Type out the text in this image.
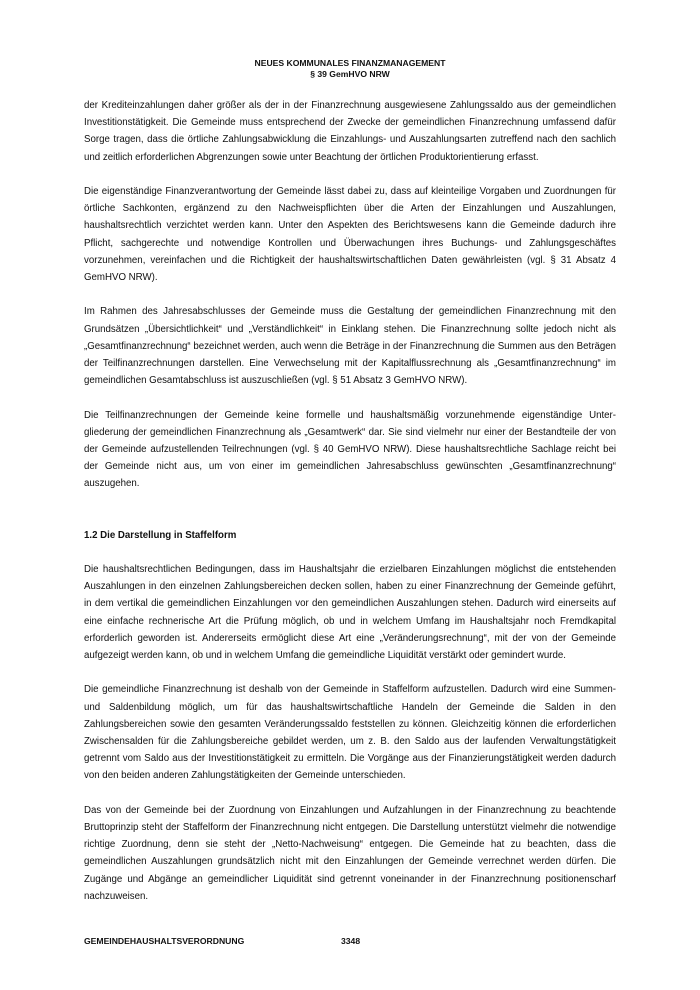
NEUES KOMMUNALES FINANZMANAGEMENT
§ 39 GemHVO NRW

der Krediteinzahlungen daher größer als der in der Finanzrechnung ausgewiesene Zahlungssaldo aus der gemeindlichen Investitionstätigkeit. Die Gemeinde muss entsprechend der Zwecke der gemeindlichen Finanzrechnung umfassend dafür Sorge tragen, dass die örtliche Zahlungsabwicklung die Einzahlungs- und Auszahlungsarten zutreffend nach den sachlich und zeitlich erforderlichen Abgrenzungen sowie unter Beachtung der örtlichen Produktorientierung erfasst.

Die eigenständige Finanzverantwortung der Gemeinde lässt dabei zu, dass auf kleinteilige Vorgaben und Zuordnungen für örtliche Sachkonten, ergänzend zu den Nachweispflichten über die Arten der Einzahlungen und Auszahlungen, haushaltsrechtlich verzichtet werden kann. Unter den Aspekten des Berichtswesens kann die Gemeinde dadurch ihre Pflicht, sachgerechte und notwendige Kontrollen und Überwachungen ihres Buchungs- und Zahlungsgeschäftes vorzunehmen, vereinfachen und die Richtigkeit der haushaltswirtschaftlichen Daten gewährleisten (vgl. § 31 Absatz 4 GemHVO NRW).

Im Rahmen des Jahresabschlusses der Gemeinde muss die Gestaltung der gemeindlichen Finanzrechnung mit den Grundsätzen „Übersichtlichkeit“ und „Verständlichkeit“ in Einklang stehen. Die Finanzrechnung sollte jedoch nicht als „Gesamtfinanzrechnung“ bezeichnet werden, auch wenn die Beträge in der Finanzrechnung die Summen aus den Beträgen der Teilfinanzrechnungen darstellen. Eine Verwechselung mit der Kapitalflussrechnung als „Gesamtfinanzrechnung“ im gemeindlichen Gesamtabschluss ist auszuschließen (vgl. § 51 Absatz 3 GemHVO NRW).

Die Teilfinanzrechnungen der Gemeinde keine formelle und haushaltsmäßig vorzunehmende eigenständige Untergliederung der gemeindlichen Finanzrechnung als „Gesamtwerk“ dar. Sie sind vielmehr nur einer der Bestandteile der von der Gemeinde aufzustellenden Teilrechnungen (vgl. § 40 GemHVO NRW). Diese haushaltsrechtliche Sachlage reicht bei der Gemeinde nicht aus, um von einer im gemeindlichen Jahresabschluss gewünschten „Gesamtfinanzrechnung“ auszugehen.

1.2 Die Darstellung in Staffelform

Die haushaltsrechtlichen Bedingungen, dass im Haushaltsjahr die erzielbaren Einzahlungen möglichst die entstehenden Auszahlungen in den einzelnen Zahlungsbereichen decken sollen, haben zu einer Finanzrechnung der Gemeinde geführt, in dem vertikal die gemeindlichen Einzahlungen vor den gemeindlichen Auszahlungen stehen. Dadurch wird einerseits auf eine einfache rechnerische Art die Prüfung möglich, ob und in welchem Umfang im Haushaltsjahr noch Fremdkapital erforderlich geworden ist. Andererseits ermöglicht diese Art eine „Veränderungsrechnung“, mit der von der Gemeinde aufgezeigt werden kann, ob und in welchem Umfang die gemeindliche Liquidität verstärkt oder gemindert wurde.

Die gemeindliche Finanzrechnung ist deshalb von der Gemeinde in Staffelform aufzustellen. Dadurch wird eine Summen- und Saldenbildung möglich, um für das haushaltswirtschaftliche Handeln der Gemeinde die Salden in den Zahlungsbereichen sowie den gesamten Veränderungssaldo feststellen zu können. Gleichzeitig können die erforderlichen Zwischensalden für die Zahlungsbereiche gebildet werden, um z. B. den Saldo aus der laufenden Verwaltungstätigkeit getrennt vom Saldo aus der Investitionstätigkeit zu ermitteln. Die Vorgänge aus der Finanzierungstätigkeit werden dadurch von den beiden anderen Zahlungstätigkeiten der Gemeinde unterschieden.

Das von der Gemeinde bei der Zuordnung von Einzahlungen und Aufzahlungen in der Finanzrechnung zu beachtende Bruttoprinzip steht der Staffelform der Finanzrechnung nicht entgegen. Die Darstellung unterstützt vielmehr die notwendige richtige Zuordnung, denn sie steht der „Netto-Nachweisung“ entgegen. Die Gemeinde hat zu beachten, dass die gemeindlichen Auszahlungen grundsätzlich nicht mit den Einzahlungen der Gemeinde verrechnet werden dürfen. Die Zugänge und Abgänge an gemeindlicher Liquidität sind getrennt voneinander in der Finanzrechnung positionenscharf nachzuweisen.

GEMEINDEHAUSHALTSVERORDNUNG	3348
